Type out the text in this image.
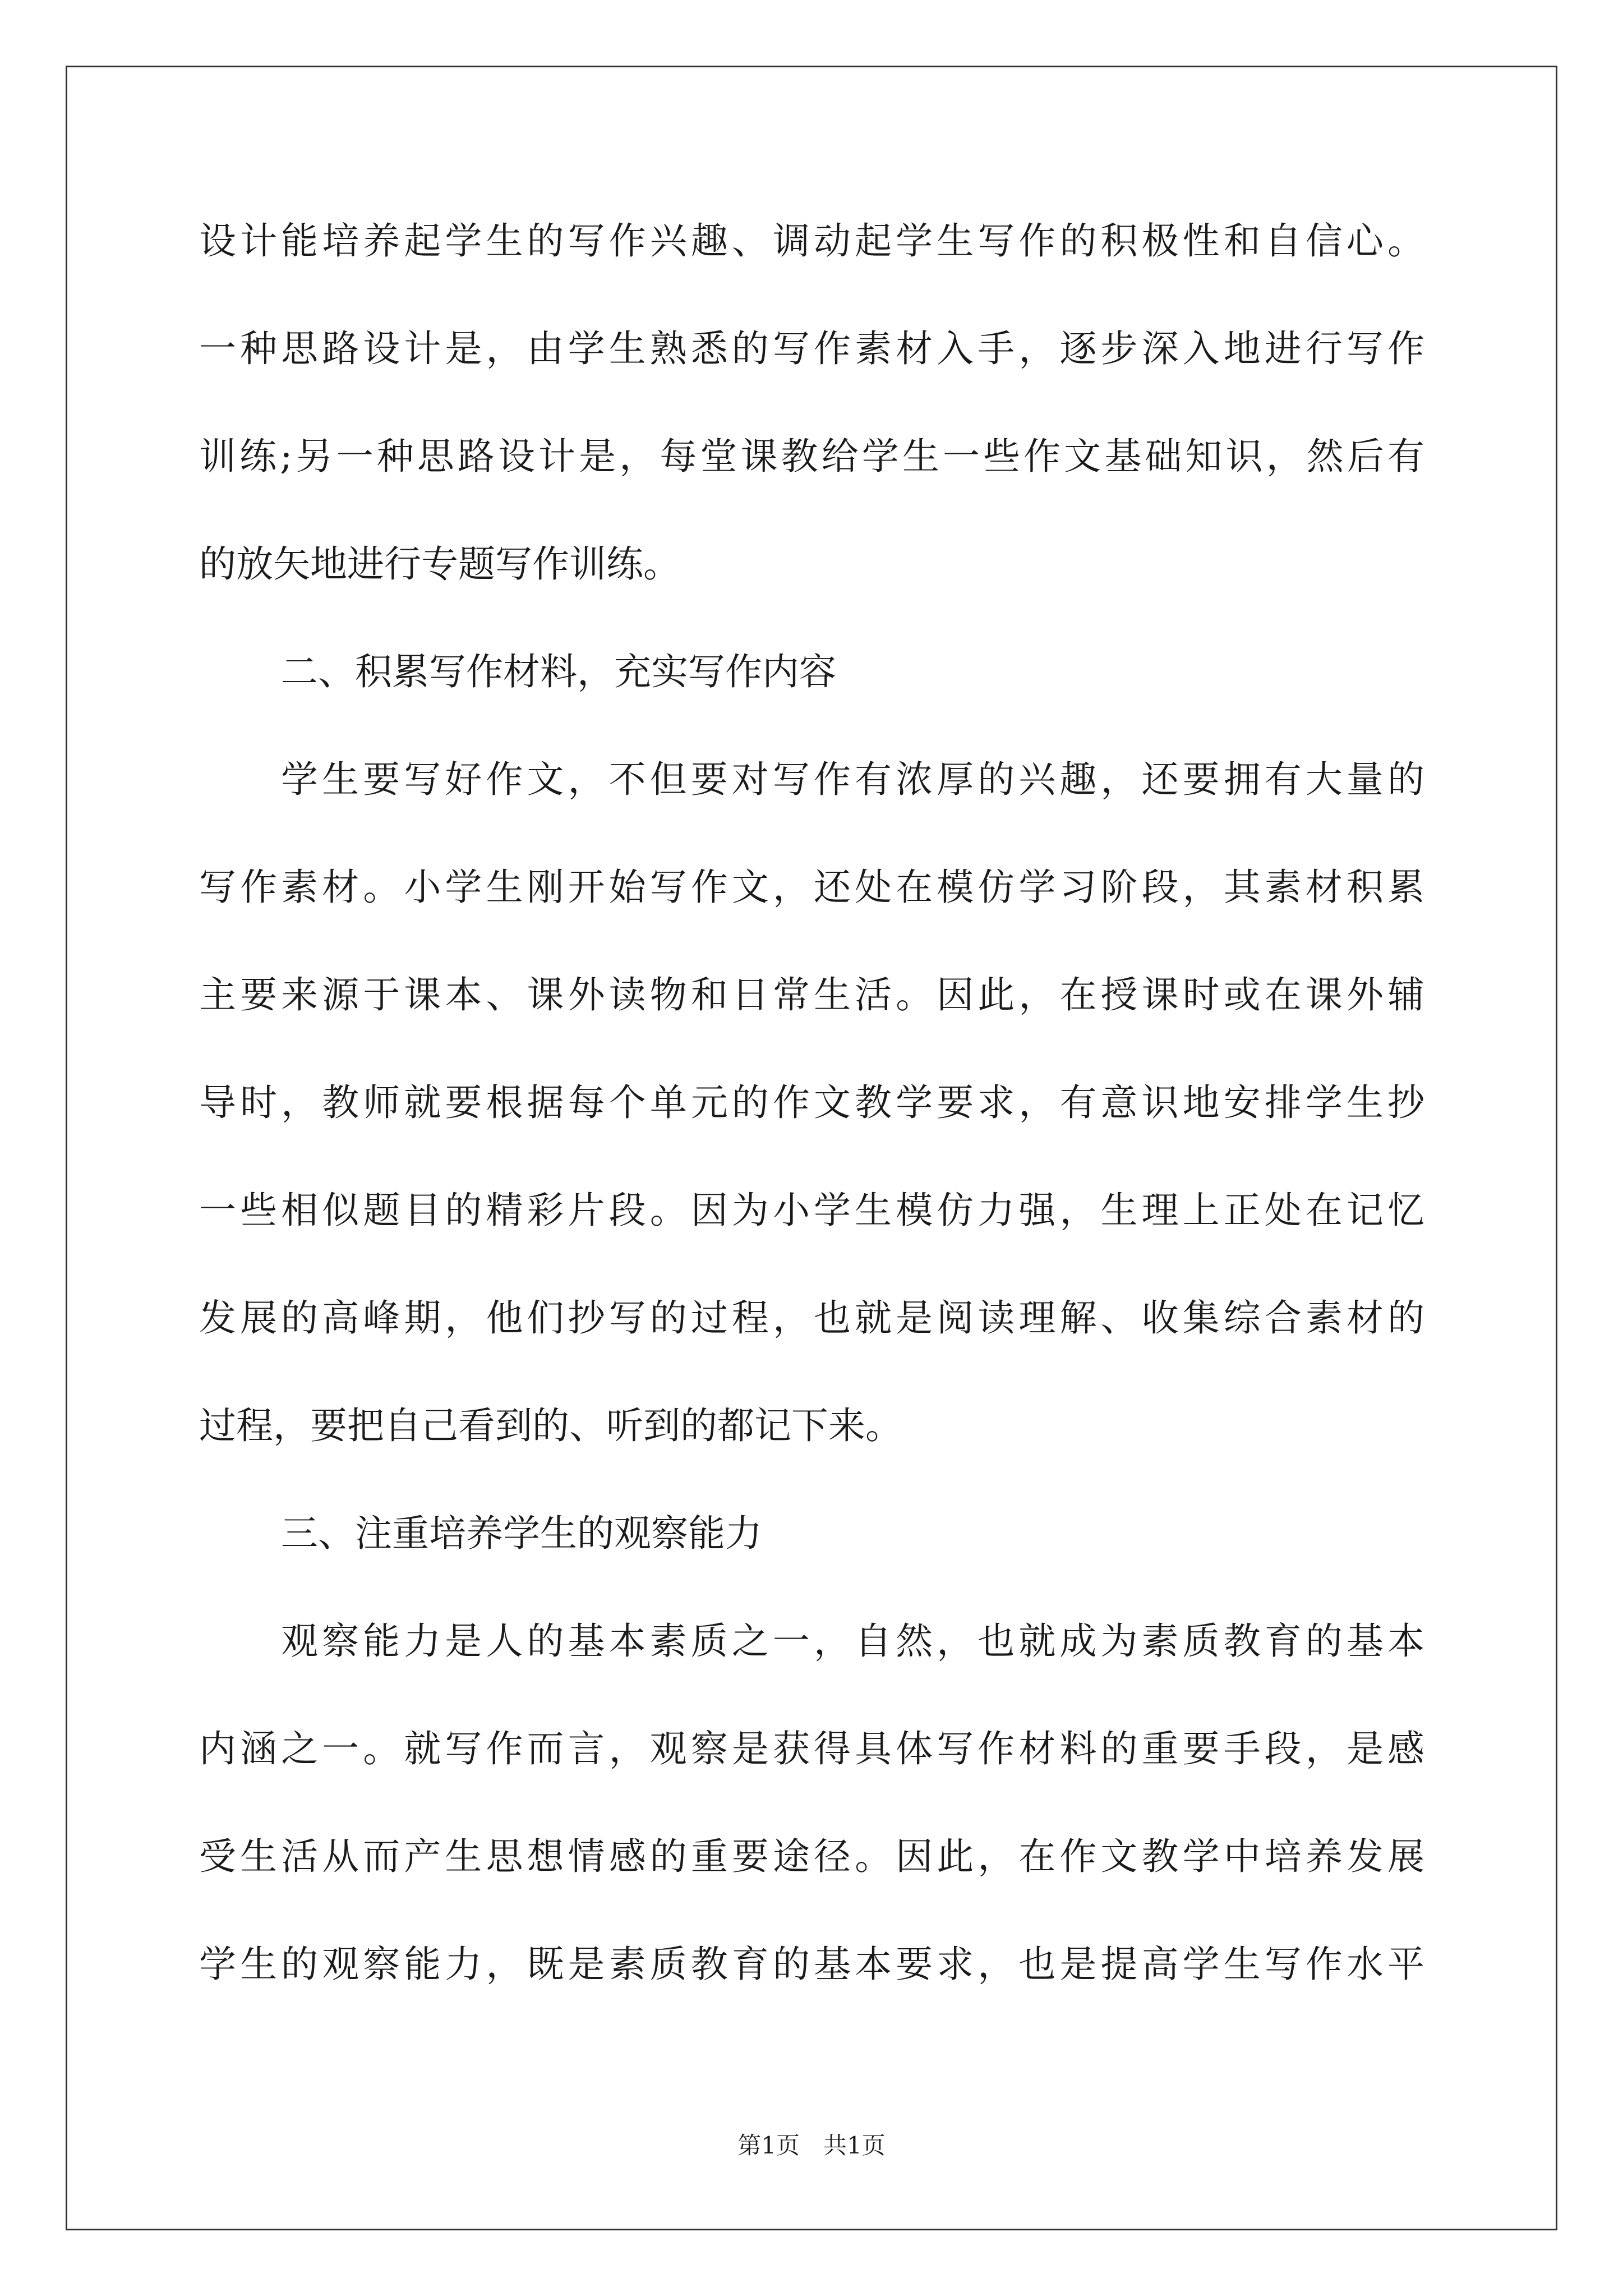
设计能培养起学生的写作兴趣、调动起学生写作的积极性和自信心。
一种思路设计是，由学生熟悉的写作素材入手，逐步深入地进行写作
训练;另一种思路设计是，每堂课教给学生一些作文基础知识，然后有
的放矢地进行专题写作训练。
二、积累写作材料，充实写作内容
学生要写好作文，不但要对写作有浓厚的兴趣，还要拥有大量的
写作素材。小学生刚开始写作文，还处在模仿学习阶段，其素材积累
主要来源于课本、课外读物和日常生活。因此，在授课时或在课外辅
导时，教师就要根据每个单元的作文教学要求，有意识地安排学生抄
一些相似题目的精彩片段。因为小学生模仿力强，生理上正处在记忆
发展的高峰期，他们抄写的过程，也就是阅读理解、收集综合素材的
过程，要把自己看到的、听到的都记下来。
三、注重培养学生的观察能力
观察能力是人的基本素质之一，自然，也就成为素质教育的基本
内涵之一。就写作而言，观察是获得具体写作材料的重要手段，是感
受生活从而产生思想情感的重要途径。因此，在作文教学中培养发展
学生的观察能力，既是素质教育的基本要求，也是提高学生写作水平
第1页　共1页
